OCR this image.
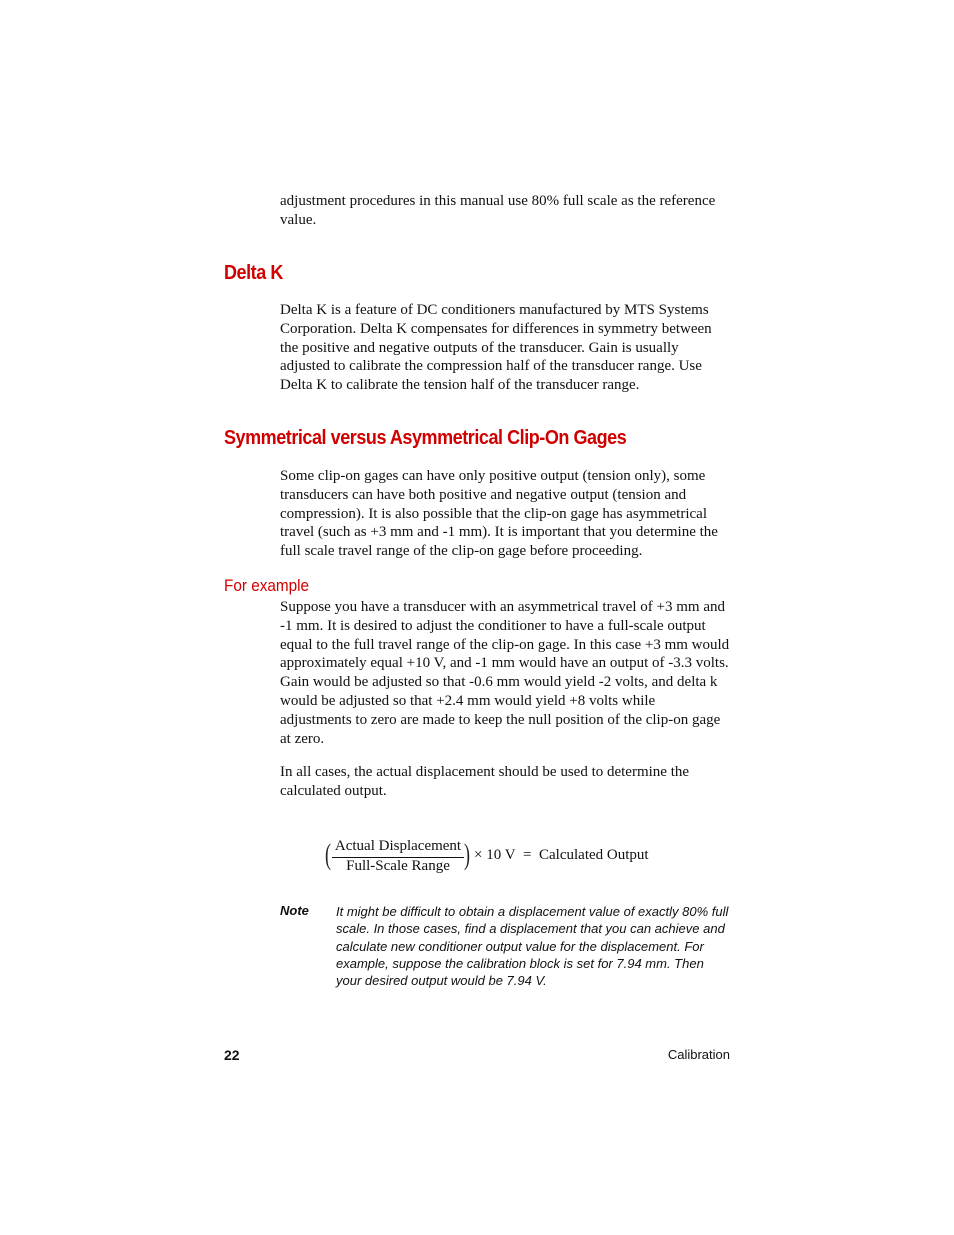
adjustment procedures in this manual use 80% full scale as the reference value.

Delta K

Delta K is a feature of DC conditioners manufactured by MTS Systems Corporation. Delta K compensates for differences in symmetry between the positive and negative outputs of the transducer. Gain is usually adjusted to calibrate the compression half of the transducer range. Use Delta K to calibrate the tension half of the transducer range.

Symmetrical versus Asymmetrical Clip-On Gages

Some clip-on gages can have only positive output (tension only), some transducers can have both positive and negative output (tension and compression). It is also possible that the clip-on gage has asymmetrical travel (such as +3 mm and -1 mm). It is important that you determine the full scale travel range of the clip-on gage before proceeding.

For example

Suppose you have a transducer with an asymmetrical travel of +3 mm and -1 mm. It is desired to adjust the conditioner to have a full-scale output equal to the full travel range of the clip-on gage. In this case +3 mm would approximately equal +10 V, and -1 mm would have an output of -3.3 volts. Gain would be adjusted so that -0.6 mm would yield -2 volts, and delta k would be adjusted so that +2.4 mm would yield +8 volts while adjustments to zero are made to keep the null position of the clip-on gage at zero.

In all cases, the actual displacement should be used to determine the calculated output.

( Actual Displacement
Full-Scale Range ) × 10 V = Calculated Output
Note It might be difficult to obtain a displacement value of exactly 80% full scale. In those cases, find a displacement that you can achieve and calculate new conditioner output value for the displacement. For example, suppose the calibration block is set for 7.94 mm. Then your desired output would be 7.94 V.
22	Calibration
